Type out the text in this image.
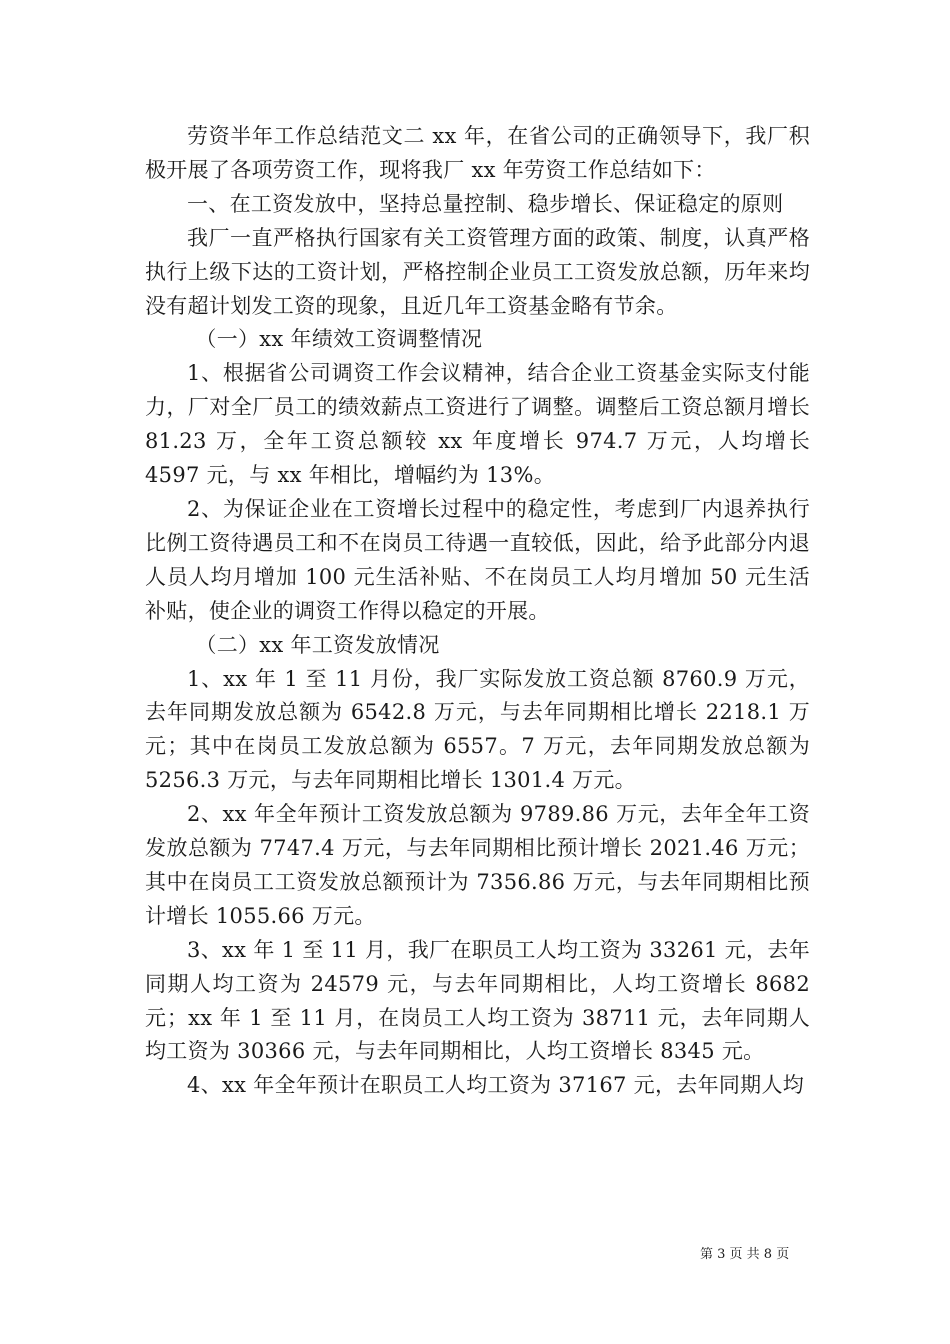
劳资半年工作总结范文二 xx 年，在省公司的正确领导下，我厂积极开展了各项劳资工作，现将我厂 xx 年劳资工作总结如下：

一、在工资发放中，坚持总量控制、稳步增长、保证稳定的原则

我厂一直严格执行国家有关工资管理方面的政策、制度，认真严格执行上级下达的工资计划，严格控制企业员工工资发放总额，历年来均没有超计划发工资的现象，且近几年工资基金略有节余。

（一）xx 年绩效工资调整情况

1、根据省公司调资工作会议精神，结合企业工资基金实际支付能力，厂对全厂员工的绩效薪点工资进行了调整。调整后工资总额月增长 81.23 万，全年工资总额较 xx 年度增长 974.7 万元，人均增长 4597 元，与 xx 年相比，增幅约为 13%。

2、为保证企业在工资增长过程中的稳定性，考虑到厂内退养执行比例工资待遇员工和不在岗员工待遇一直较低，因此，给予此部分内退人员人均月增加 100 元生活补贴、不在岗员工人均月增加 50 元生活补贴，使企业的调资工作得以稳定的开展。

（二）xx 年工资发放情况

1、xx 年 1 至 11 月份，我厂实际发放工资总额 8760.9 万元，去年同期发放总额为 6542.8 万元，与去年同期相比增长 2218.1 万元；其中在岗员工发放总额为 6557。7 万元，去年同期发放总额为 5256.3 万元，与去年同期相比增长 1301.4 万元。

2、xx 年全年预计工资发放总额为 9789.86 万元，去年全年工资发放总额为 7747.4 万元，与去年同期相比预计增长 2021.46 万元；其中在岗员工工资发放总额预计为 7356.86 万元，与去年同期相比预计增长 1055.66 万元。

3、xx 年 1 至 11 月，我厂在职员工人均工资为 33261 元，去年同期人均工资为 24579 元，与去年同期相比，人均工资增长 8682 元；xx 年 1 至 11 月，在岗员工人均工资为 38711 元，去年同期人均工资为 30366 元，与去年同期相比，人均工资增长 8345 元。

4、xx 年全年预计在职员工人均工资为 37167 元，去年同期人均

第 3 页 共 8 页
